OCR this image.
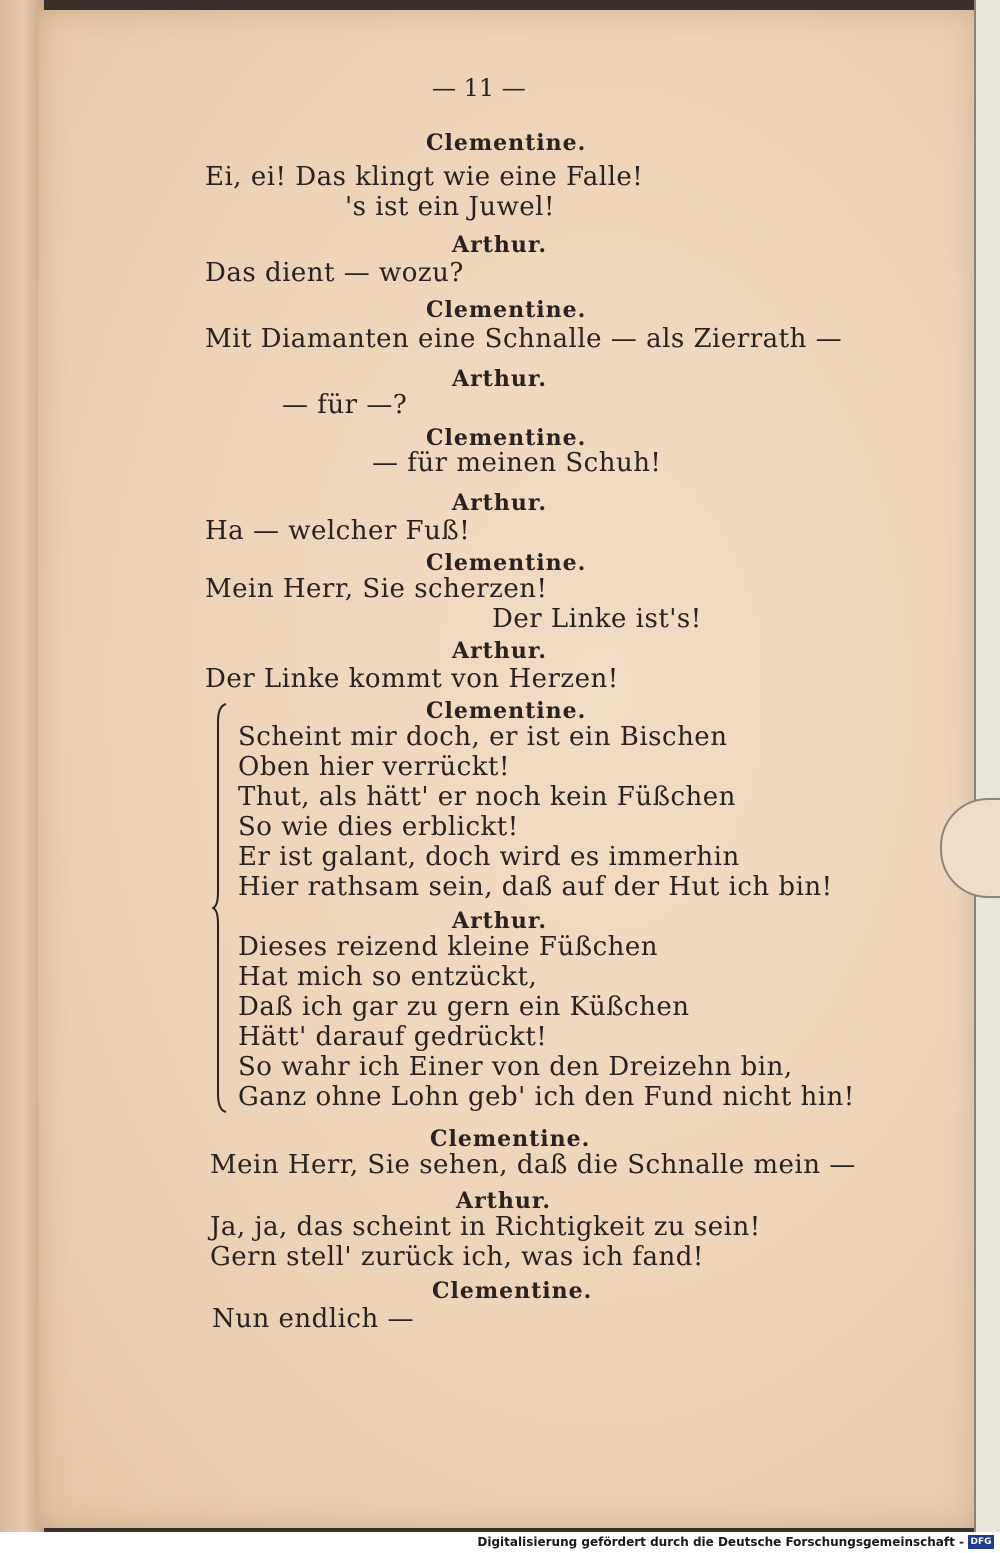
— 11 —
Clementine.
Ei, ei! Das klingt wie eine Falle!
's ist ein Juwel!
Arthur.
Das dient — wozu?
Clementine.
Mit Diamanten eine Schnalle — als Zierrath —
Arthur.
— für —?
Clementine.
— für meinen Schuh!
Arthur.
Ha — welcher Fuß!
Clementine.
Mein Herr, Sie scherzen!
Der Linke ist's!
Arthur.
Der Linke kommt von Herzen!
Clementine.
Scheint mir doch, er ist ein Bischen
Oben hier verrückt!
Thut, als hätt' er noch kein Füßchen
So wie dies erblickt!
Er ist galant, doch wird es immerhin
Hier rathsam sein, daß auf der Hut ich bin!
Arthur.
Dieses reizend kleine Füßchen
Hat mich so entzückt,
Daß ich gar zu gern ein Küßchen
Hätt' darauf gedrückt!
So wahr ich Einer von den Dreizehn bin,
Ganz ohne Lohn geb' ich den Fund nicht hin!
Clementine.
Mein Herr, Sie sehen, daß die Schnalle mein —
Arthur.
Ja, ja, das scheint in Richtigkeit zu sein!
Gern stell' zurück ich, was ich fand!
Clementine.
Nun endlich —
Digitalisierung gefördert durch die Deutsche Forschungsgemeinschaft - DFG
